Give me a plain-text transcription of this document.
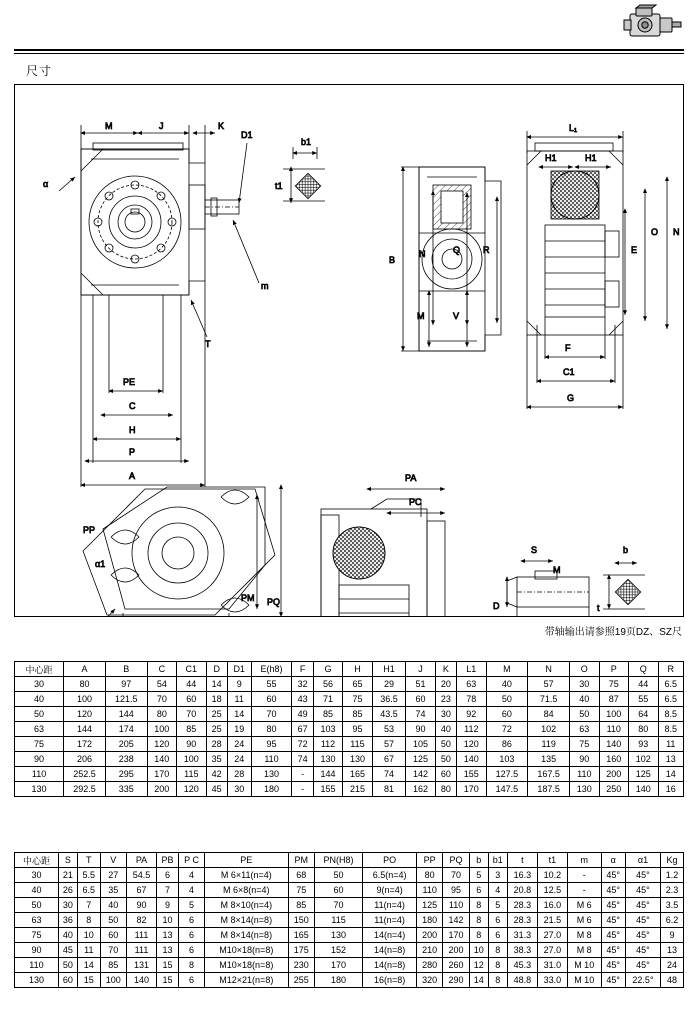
尺寸
M	J	K
D1
α
m
T
PE
C
H
P
A
b1
t1
B
N
M
Q
V
R
L₁
H1	H1
E
O N
F
C1
G
PP
α1
PM PQ
PA
PC
S
M
D
b
t
带轴输出请参照19页DZ、SZ尺
中心距	A	B	C	C1	D	D1	E(h8)	F	G	H	H1	J	K	L1	M	N	O	P	Q	R
30	80	97	54	44	14	9	55	32	56	65	29	51	20	63	40	57	30	75	44	6.5
40	100	121.5	70	60	18	11	60	43	71	75	36.5	60	23	78	50	71.5	40	87	55	6.5
50	120	144	80	70	25	14	70	49	85	85	43.5	74	30	92	60	84	50	100	64	8.5
63	144	174	100	85	25	19	80	67	103	95	53	90	40	112	72	102	63	110	80	8.5
75	172	205	120	90	28	24	95	72	112	115	57	105	50	120	86	119	75	140	93	11
90	206	238	140	100	35	24	110	74	130	130	67	125	50	140	103	135	90	160	102	13
110	252.5	295	170	115	42	28	130	-	144	165	74	142	60	155	127.5	167.5	110	200	125	14
130	292.5	335	200	120	45	30	180	-	155	215	81	162	80	170	147.5	187.5	130	250	140	16
中心距	S	T	V	PA	PB	P C	PE	PM	PN(H8)	PO	PP	PQ	b	b1	t	t1	m	α	α1	Kg
30	21	5.5	27	54.5	6	4	M 6×11(n=4)	68	50	6.5(n=4)	80	70	5	3	16.3	10.2	-	45°	45°	1.2
40	26	6.5	35	67	7	4	M 6×8(n=4)	75	60	9(n=4)	110	95	6	4	20.8	12.5	-	45°	45°	2.3
50	30	7	40	90	9	5	M 8×10(n=4)	85	70	11(n=4)	125	110	8	5	28.3	16.0	M 6	45°	45°	3.5
63	36	8	50	82	10	6	M 8×14(n=8)	150	115	11(n=4)	180	142	8	6	28.3	21.5	M 6	45°	45°	6.2
75	40	10	60	111	13	6	M 8×14(n=8)	165	130	14(n=4)	200	170	8	6	31.3	27.0	M 8	45°	45°	9
90	45	11	70	111	13	6	M10×18(n=8)	175	152	14(n=8)	210	200	10	8	38.3	27.0	M 8	45°	45°	13
110	50	14	85	131	15	8	M10×18(n=8)	230	170	14(n=8)	280	260	12	8	45.3	31.0	M 10	45°	45°	24
130	60	15	100	140	15	6	M12×21(n=8)	255	180	16(n=8)	320	290	14	8	48.8	33.0	M 10	45°	22.5°	48
